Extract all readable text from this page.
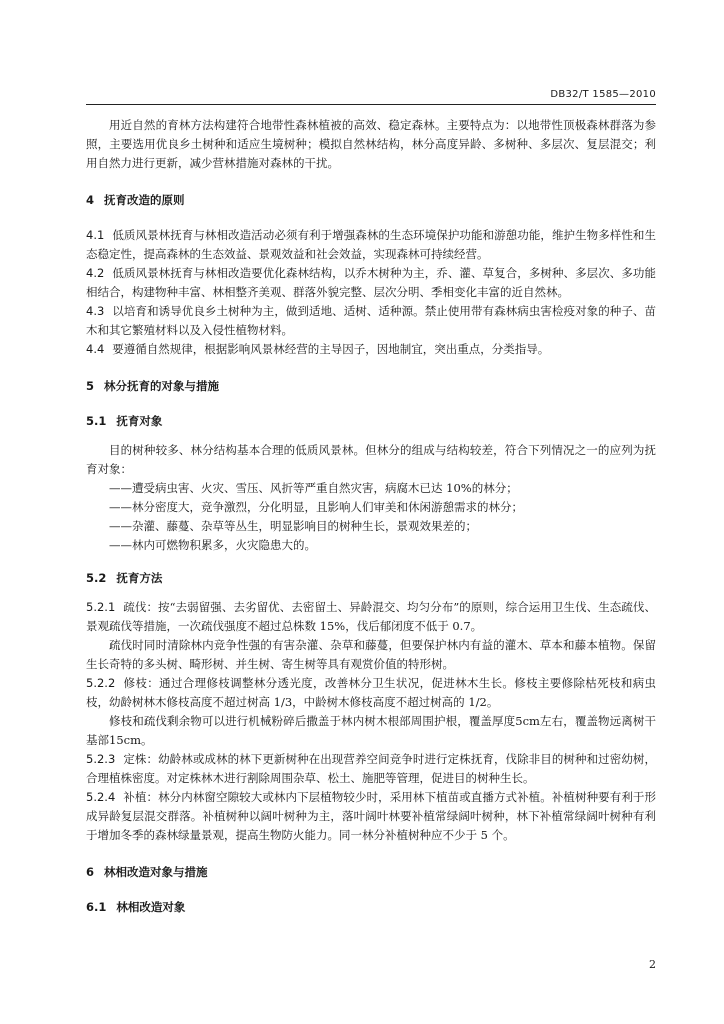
DB32/T 1585—2010

用近自然的育林方法构建符合地带性森林植被的高效、稳定森林。主要特点为：以地带性顶极森林群落为参照，主要选用优良乡土树种和适应生境树种；模拟自然林结构，林分高度异龄、多树种、多层次、复层混交；利用自然力进行更新，减少营林措施对森林的干扰。

4 抚育改造的原则

4.1 低质风景林抚育与林相改造活动必须有利于增强森林的生态环境保护功能和游憩功能，维护生物多样性和生态稳定性，提高森林的生态效益、景观效益和社会效益，实现森林可持续经营。

4.2 低质风景林抚育与林相改造要优化森林结构，以乔木树种为主，乔、灌、草复合，多树种、多层次、多功能相结合，构建物种丰富、林相整齐美观、群落外貌完整、层次分明、季相变化丰富的近自然林。

4.3 以培育和诱导优良乡土树种为主，做到适地、适树、适种源。禁止使用带有森林病虫害检疫对象的种子、苗木和其它繁殖材料以及入侵性植物材料。

4.4 要遵循自然规律，根据影响风景林经营的主导因子，因地制宜，突出重点，分类指导。

5 林分抚育的对象与措施
5.1 抚育对象

目的树种较多、林分结构基本合理的低质风景林。但林分的组成与结构较差，符合下列情况之一的应列为抚育对象：

——遭受病虫害、火灾、雪压、风折等严重自然灾害，病腐木已达 10%的林分；

——林分密度大，竞争激烈，分化明显，且影响人们审美和休闲游憩需求的林分；

——杂灌、藤蔓、杂草等丛生，明显影响目的树种生长，景观效果差的；

——林内可燃物积累多，火灾隐患大的。

5.2 抚育方法

5.2.1 疏伐：按“去弱留强、去劣留优、去密留土、异龄混交、均匀分布”的原则，综合运用卫生伐、生态疏伐、景观疏伐等措施，一次疏伐强度不超过总株数 15%，伐后郁闭度不低于 0.7。

疏伐时同时清除林内竞争性强的有害杂灌、杂草和藤蔓，但要保护林内有益的灌木、草本和藤本植物。保留生长奇特的多头树、畸形树、并生树、寄生树等具有观赏价值的特形树。

5.2.2 修枝：通过合理修枝调整林分透光度，改善林分卫生状况，促进林木生长。修枝主要修除枯死枝和病虫枝，幼龄树林木修枝高度不超过树高 1/3，中龄树木修枝高度不超过树高的 1/2。

修枝和疏伐剩余物可以进行机械粉碎后撒盖于林内树木根部周围护根，覆盖厚度5cm左右，覆盖物远离树干基部15cm。

5.2.3 定株：幼龄林或成林的林下更新树种在出现营养空间竞争时进行定株抚育，伐除非目的树种和过密幼树，合理植株密度。对定株林木进行割除周围杂草、松土、施肥等管理，促进目的树种生长。

5.2.4 补植：林分内林窗空隙较大或林内下层植物较少时，采用林下植苗或直播方式补植。补植树种要有利于形成异龄复层混交群落。补植树种以阔叶树种为主，落叶阔叶林要补植常绿阔叶树种，林下补植常绿阔叶树种有利于增加冬季的森林绿量景观，提高生物防火能力。同一林分补植树种应不少于 5 个。

6 林相改造对象与措施
6.1 林相改造对象
2
